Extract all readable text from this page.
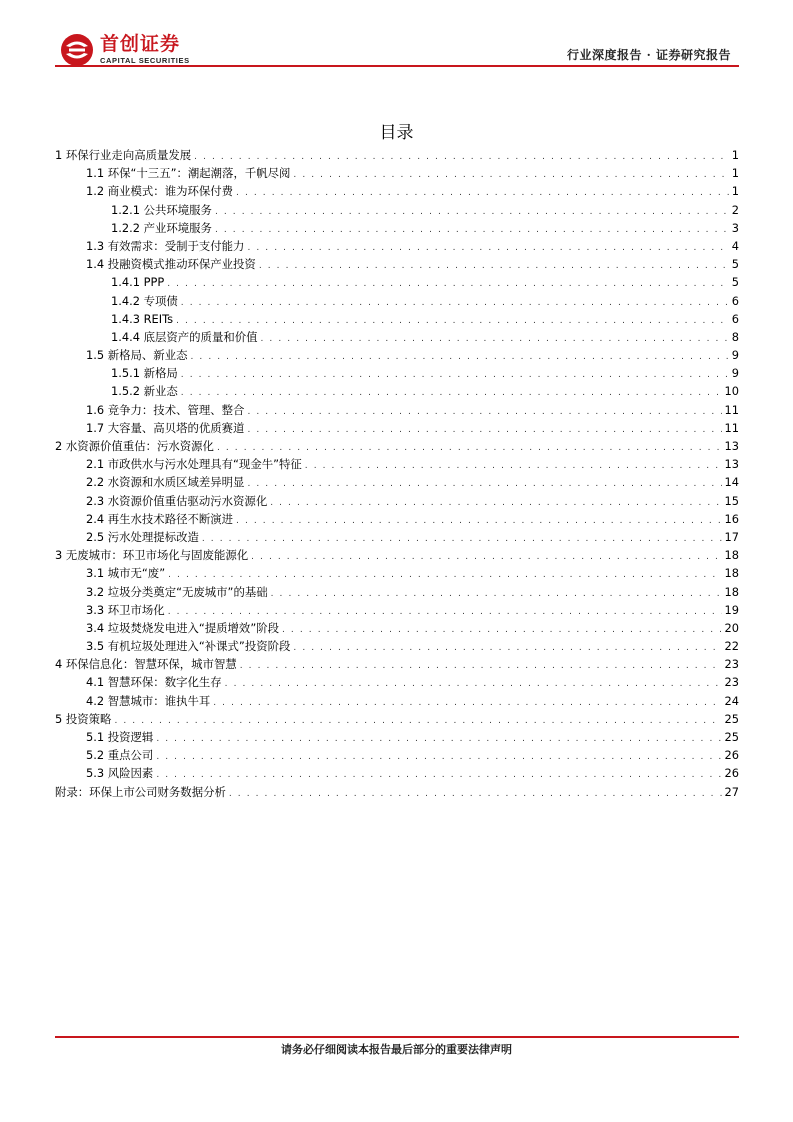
首创证券
CAPITAL SECURITIES	行业深度报告 · 证券研究报告
目录
1 环保行业走向高质量发展 . . .	1
1.1 环保“十三五”：潮起潮落，千帆尽阅 . . .	1
1.2 商业模式：谁为环保付费 . . .	1
1.2.1 公共环境服务 . . .	2
1.2.2 产业环境服务 . . .	3
1.3 有效需求：受制于支付能力 . . .	4
1.4 投融资模式推动环保产业投资 . . .	5
1.4.1 PPP . . .	5
1.4.2 专项债 . . .	6
1.4.3 REITs . . .	6
1.4.4 底层资产的质量和价值 . . .	8
1.5 新格局、新业态 . . .	9
1.5.1 新格局 . . .	9
1.5.2 新业态 . . .	10
1.6 竞争力：技术、管理、整合 . . .	11
1.7 大容量、高贝塔的优质赛道 . . .	11
2 水资源价值重估：污水资源化 . . .	13
2.1 市政供水与污水处理具有“现金牛”特征 . . .	13
2.2 水资源和水质区域差异明显 . . .	14
2.3 水资源价值重估驱动污水资源化 . . .	15
2.4 再生水技术路径不断演进 . . .	16
2.5 污水处理提标改造 . . .	17
3 无废城市：环卫市场化与固废能源化 . . .	18
3.1 城市无“废” . . .	18
3.2 垃圾分类奠定“无废城市”的基础 . . .	18
3.3 环卫市场化 . . .	19
3.4 垃圾焚烧发电进入“提质增效”阶段 . . .	20
3.5 有机垃圾处理进入“补课式”投资阶段 . . .	22
4 环保信息化：智慧环保，城市智慧 . . .	23
4.1 智慧环保：数字化生存 . . .	23
4.2 智慧城市：谁执牛耳 . . .	24
5 投资策略 . . .	25
5.1 投资逻辑 . . .	25
5.2 重点公司 . . .	26
5.3 风险因素 . . .	26
附录：环保上市公司财务数据分析 . . .	27
请务必仔细阅读本报告最后部分的重要法律声明
